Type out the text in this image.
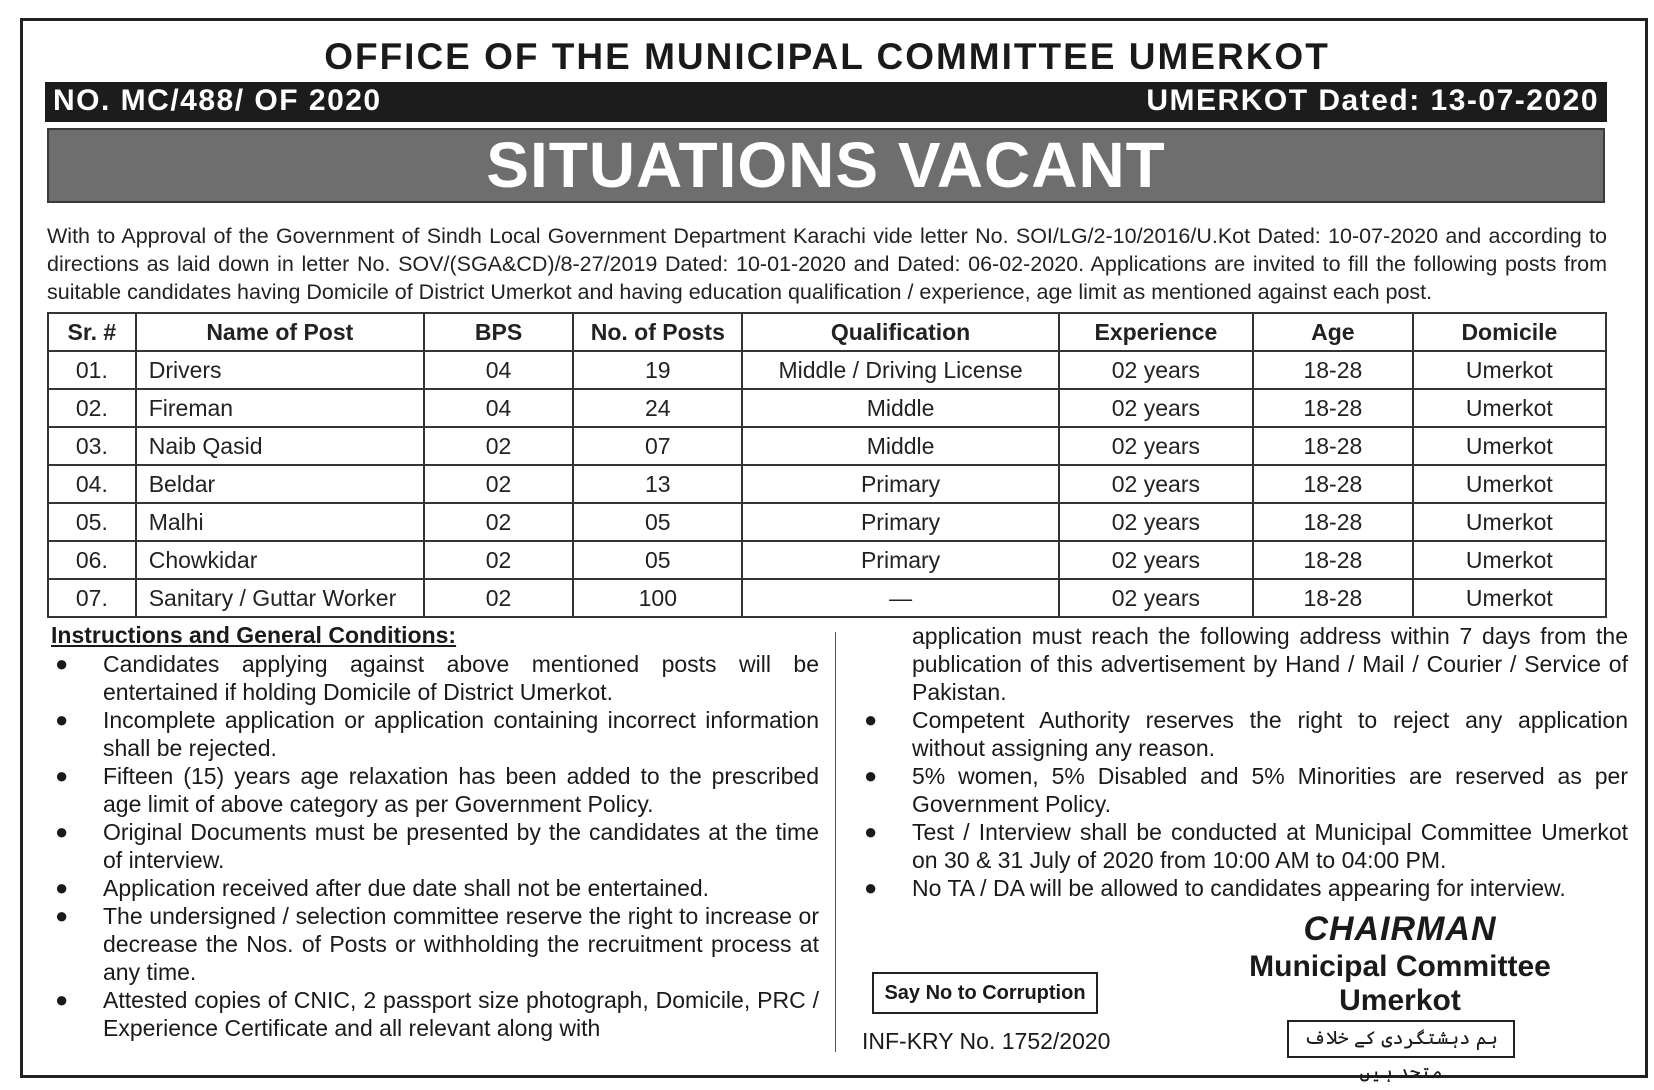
OFFICE OF THE MUNICIPAL COMMITTEE UMERKOT
NO. MC/488/ OF 2020	UMERKOT Dated: 13-07-2020
SITUATIONS VACANT
With to Approval of the Government of Sindh Local Government Department Karachi vide letter No. SOI/LG/2-10/2016/U.Kot Dated: 10-07-2020 and according to directions as laid down in letter No. SOV/(SGA&CD)/8-27/2019 Dated: 10-01-2020 and Dated: 06-02-2020. Applications are invited to fill the following posts from suitable candidates having Domicile of District Umerkot and having education qualification / experience, age limit as mentioned against each post.
Sr. #	Name of Post	BPS	No. of Posts	Qualification	Experience	Age	Domicile
01.	Drivers	04	19	Middle / Driving License	02 years	18-28	Umerkot
02.	Fireman	04	24	Middle	02 years	18-28	Umerkot
03.	Naib Qasid	02	07	Middle	02 years	18-28	Umerkot
04.	Beldar	02	13	Primary	02 years	18-28	Umerkot
05.	Malhi	02	05	Primary	02 years	18-28	Umerkot
06.	Chowkidar	02	05	Primary	02 years	18-28	Umerkot
07.	Sanitary / Guttar Worker	02	100	—	02 years	18-28	Umerkot
Instructions and General Conditions:
● Candidates applying against above mentioned posts will be entertained if holding Domicile of District Umerkot.
● Incomplete application or application containing incorrect information shall be rejected.
● Fifteen (15) years age relaxation has been added to the prescribed age limit of above category as per Government Policy.
● Original Documents must be presented by the candidates at the time of interview.
● Application received after due date shall not be entertained.
● The undersigned / selection committee reserve the right to increase or decrease the Nos. of Posts or withholding the recruitment process at any time.
● Attested copies of CNIC, 2 passport size photograph, Domicile, PRC / Experience Certificate and all relevant along with
application must reach the following address within 7 days from the publication of this advertisement by Hand / Mail / Courier / Service of Pakistan.
● Competent Authority reserves the right to reject any application without assigning any reason.
● 5% women, 5% Disabled and 5% Minorities are reserved as per Government Policy.
● Test / Interview shall be conducted at Municipal Committee Umerkot on 30 & 31 July of 2020 from 10:00 AM to 04:00 PM.
● No TA / DA will be allowed to candidates appearing for interview.
Say No to Corruption
INF-KRY No. 1752/2020
CHAIRMAN
Municipal Committee
Umerkot
ہم دہشتگردی کے خلاف متحد ہیں
